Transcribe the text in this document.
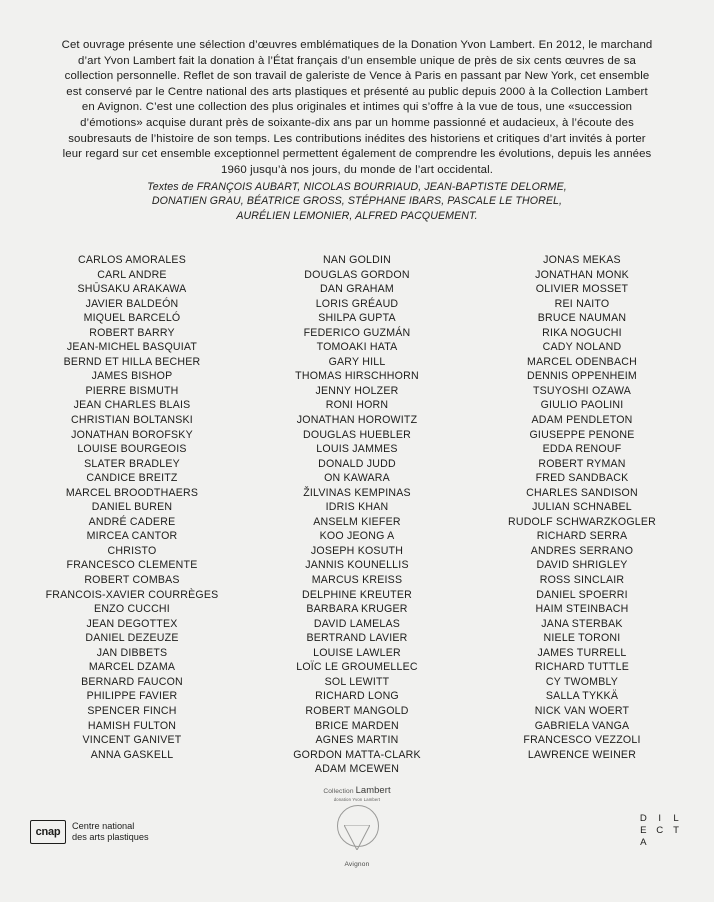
Cet ouvrage présente une sélection d’œuvres emblématiques de la Donation Yvon Lambert. En 2012, le marchand d’art Yvon Lambert fait la donation à l’État français d’un ensemble unique de près de six cents œuvres de sa collection personnelle. Reflet de son travail de galeriste de Vence à Paris en passant par New York, cet ensemble est conservé par le Centre national des arts plastiques et présenté au public depuis 2000 à la Collection Lambert en Avignon. C’est une collection des plus originales et intimes qui s’offre à la vue de tous, une «succession d’émotions» acquise durant près de soixante-dix ans par un homme passionné et audacieux, à l’écoute des soubresauts de l’histoire de son temps. Les contributions inédites des historiens et critiques d’art invités à porter leur regard sur cet ensemble exceptionnel permettent également de comprendre les évolutions, depuis les années 1960 jusqu’à nos jours, du monde de l’art occidental.
Textes de FRANÇOIS AUBART, NICOLAS BOURRIAUD, JEAN-BAPTISTE DELORME,
DONATIEN GRAU, BÉATRICE GROSS, STÉPHANE IBARS, PASCALE LE THOREL,
AURÉLIEN LEMONIER, ALFRED PACQUEMENT.
CARLOS AMORALES
CARL ANDRE
SHŪSAKU ARAKAWA
JAVIER BALDEÓN
MIQUEL BARCELÓ
ROBERT BARRY
JEAN-MICHEL BASQUIAT
BERND ET HILLA BECHER
JAMES BISHOP
PIERRE BISMUTH
JEAN CHARLES BLAIS
CHRISTIAN BOLTANSKI
JONATHAN BOROFSKY
LOUISE BOURGEOIS
SLATER BRADLEY
CANDICE BREITZ
MARCEL BROODTHAERS
DANIEL BUREN
ANDRÉ CADERE
MIRCEA CANTOR
CHRISTO
FRANCESCO CLEMENTE
ROBERT COMBAS
FRANCOIS-XAVIER COURRÈGES
ENZO CUCCHI
JEAN DEGOTTEX
DANIEL DEZEUZE
JAN DIBBETS
MARCEL DZAMA
BERNARD FAUCON
PHILIPPE FAVIER
SPENCER FINCH
HAMISH FULTON
VINCENT GANIVET
ANNA GASKELL
NAN GOLDIN
DOUGLAS GORDON
DAN GRAHAM
LORIS GRÉAUD
SHILPA GUPTA
FEDERICO GUZMÁN
TOMOAKI HATA
GARY HILL
THOMAS HIRSCHHORN
JENNY HOLZER
RONI HORN
JONATHAN HOROWITZ
DOUGLAS HUEBLER
LOUIS JAMMES
DONALD JUDD
ON KAWARA
ŽILVINAS KEMPINAS
IDRIS KHAN
ANSELM KIEFER
KOO JEONG A
JOSEPH KOSUTH
JANNIS KOUNELLIS
MARCUS KREISS
DELPHINE KREUTER
BARBARA KRUGER
DAVID LAMELAS
BERTRAND LAVIER
LOUISE LAWLER
LOÏC LE GROUMELLEC
SOL LEWITT
RICHARD LONG
ROBERT MANGOLD
BRICE MARDEN
AGNES MARTIN
GORDON MATTA-CLARK
ADAM MCEWEN
JONAS MEKAS
JONATHAN MONK
OLIVIER MOSSET
REI NAITO
BRUCE NAUMAN
RIKA NOGUCHI
CADY NOLAND
MARCEL ODENBACH
DENNIS OPPENHEIM
TSUYOSHI OZAWA
GIULIO PAOLINI
ADAM PENDLETON
GIUSEPPE PENONE
EDDA RENOUF
ROBERT RYMAN
FRED SANDBACK
CHARLES SANDISON
JULIAN SCHNABEL
RUDOLF SCHWARZKOGLER
RICHARD SERRA
ANDRES SERRANO
DAVID SHRIGLEY
ROSS SINCLAIR
DANIEL SPOERRI
HAIM STEINBACH
JANA STERBAK
NIELE TORONI
JAMES TURRELL
RICHARD TUTTLE
CY TWOMBLY
SALLA TYKKÄ
NICK VAN WOERT
GABRIELA VANGA
FRANCESCO VEZZOLI
LAWRENCE WEINER
cnap
Centre national
des arts plastiques
Collection Lambert donation Yvon Lambert
Avignon
D	I	L
E C T
A
